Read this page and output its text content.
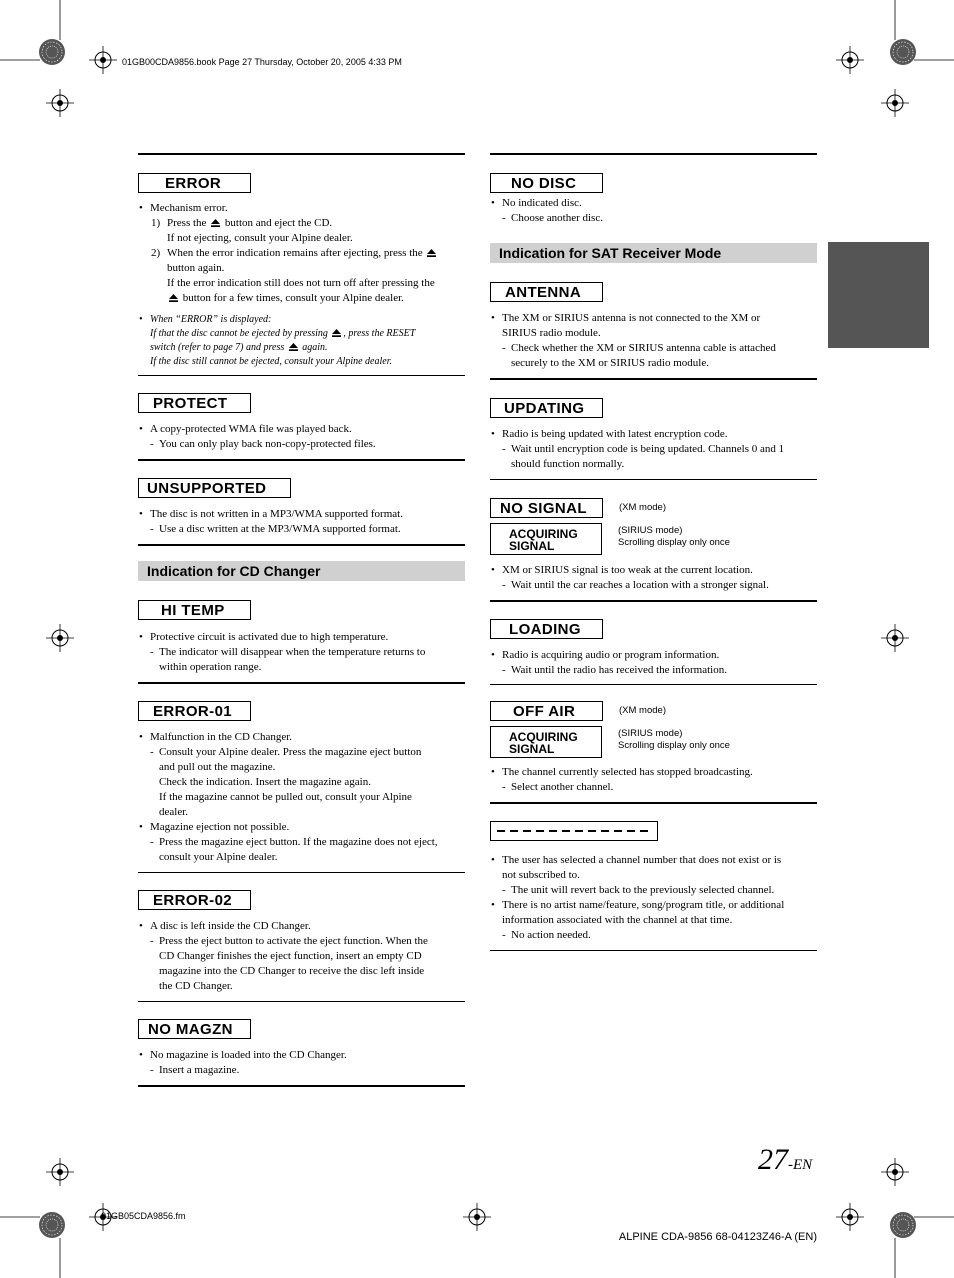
01GB00CDA9856.book Page 27 Thursday, October 20, 2005 4:33 PM
27-EN
01GB05CDA9856.fm
ALPINE CDA-9856 68-04123Z46-A (EN)
ERROR
• Mechanism error.
1) Press the button and eject the CD.
If not ejecting, consult your Alpine dealer.
2) When the error indication remains after ejecting, press the
button again.
If the error indication still does not turn off after pressing the
button for a few times, consult your Alpine dealer.
• When “ERROR” is displayed:
If that the disc cannot be ejected by pressing , press the RESET
switch (refer to page 7) and press again.
If the disc still cannot be ejected, consult your Alpine dealer.
PROTECT
• A copy-protected WMA file was played back.
- You can only play back non-copy-protected files.
UNSUPPORTED
• The disc is not written in a MP3/WMA supported format.
- Use a disc written at the MP3/WMA supported format.
Indication for CD Changer
HI TEMP
• Protective circuit is activated due to high temperature.
- The indicator will disappear when the temperature returns to
within operation range.
ERROR-01
• Malfunction in the CD Changer.
- Consult your Alpine dealer. Press the magazine eject button
and pull out the magazine.
Check the indication. Insert the magazine again.
If the magazine cannot be pulled out, consult your Alpine
dealer.
• Magazine ejection not possible.
- Press the magazine eject button. If the magazine does not eject,
consult your Alpine dealer.
ERROR-02
• A disc is left inside the CD Changer.
- Press the eject button to activate the eject function. When the
CD Changer finishes the eject function, insert an empty CD
magazine into the CD Changer to receive the disc left inside
the CD Changer.
NO MAGZN
• No magazine is loaded into the CD Changer.
- Insert a magazine.
NO DISC
• No indicated disc.
- Choose another disc.
Indication for SAT Receiver Mode
ANTENNA
• The XM or SIRIUS antenna is not connected to the XM or
SIRIUS radio module.
- Check whether the XM or SIRIUS antenna cable is attached
securely to the XM or SIRIUS radio module.
UPDATING
• Radio is being updated with latest encryption code.
- Wait until encryption code is being updated. Channels 0 and 1
should function normally.
NO SIGNAL	(XM mode)
ACQUIRING
SIGNAL
(SIRIUS mode)
Scrolling display only once
• XM or SIRIUS signal is too weak at the current location.
- Wait until the car reaches a location with a stronger signal.
LOADING
• Radio is acquiring audio or program information.
- Wait until the radio has received the information.
OFF AIR	(XM mode)
ACQUIRING
SIGNAL
(SIRIUS mode)
Scrolling display only once
• The channel currently selected has stopped broadcasting.
- Select another channel.
• The user has selected a channel number that does not exist or is
not subscribed to.
- The unit will revert back to the previously selected channel.
• There is no artist name/feature, song/program title, or additional
information associated with the channel at that time.
- No action needed.
